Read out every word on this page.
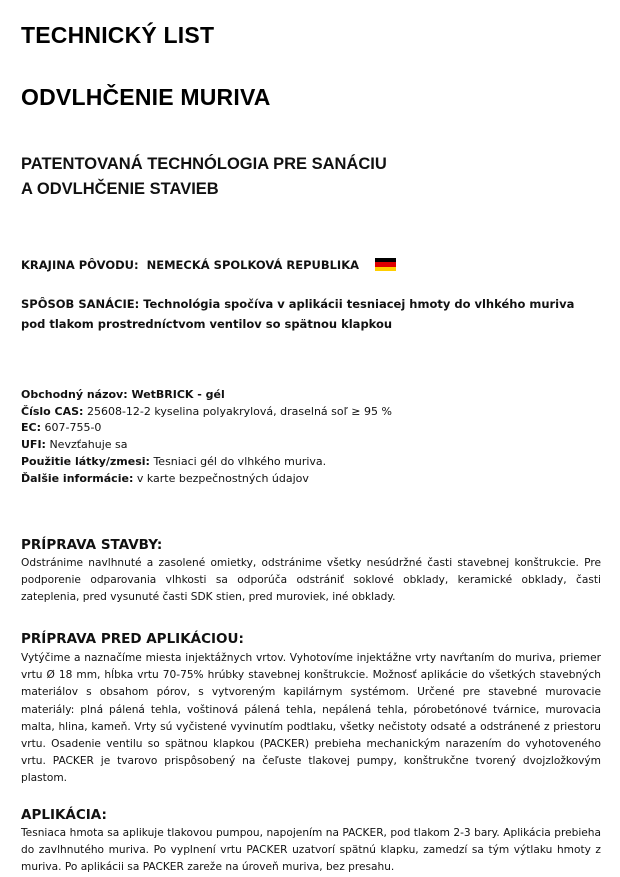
TECHNICKÝ LIST
ODVLHČENIE MURIVA
PATENTOVANÁ TECHNÓLOGIA PRE SANÁCIU
A ODVLHČENIE STAVIEB
KRAJINA PÔVODU: NEMECKÁ SPOLKOVÁ REPUBLIKA
SPÔSOB SANÁCIE: Technológia spočíva v aplikácii tesniacej hmoty do vlhkého muriva pod tlakom prostredníctvom ventilov so spätnou klapkou
Obchodný názov: WetBRICK - gél
Číslo CAS: 25608-12-2 kyselina polyakrylová, draselná soľ ≥ 95 %
EC: 607-755-0
UFI: Nevzťahuje sa
Použitie látky/zmesi: Tesniaci gél do vlhkého muriva.
Ďalšie informácie: v karte bezpečnostných údajov
PRÍPRAVA STAVBY:
Odstránime navlhnuté a zasolené omietky, odstránime všetky nesúdržné časti stavebnej konštrukcie. Pre podporenie odparovania vlhkosti sa odporúča odstrániť soklové obklady, keramické obklady, časti zateplenia, pred vysunuté časti SDK stien, pred muroviek, iné obklady.
PRÍPRAVA PRED APLIKÁCIOU:
Vytýčime a naznačíme miesta injektážnych vrtov. Vyhotovíme injektážne vrty navŕtaním do muriva, priemer vrtu Ø 18 mm, hĺbka vrtu 70-75% hrúbky stavebnej konštrukcie. Možnosť aplikácie do všetkých stavebných materiálov s obsahom pórov, s vytvoreným kapilárnym systémom. Určené pre stavebné murovacie materiály: plná pálená tehla, voštinová pálená tehla, nepálená tehla, pórobetónové tvárnice, murovacia malta, hlina, kameň. Vrty sú vyčistené vyvinutím podtlaku, všetky nečistoty odsaté a odstránené z priestoru vrtu. Osadenie ventilu so spätnou klapkou (PACKER) prebieha mechanickým narazením do vyhotoveného vrtu. PACKER je tvarovo prispôsobený na čeľuste tlakovej pumpy, konštrukčne tvorený dvojzložkovým plastom.
APLIKÁCIA:
Tesniaca hmota sa aplikuje tlakovou pumpou, napojením na PACKER, pod tlakom 2-3 bary. Aplikácia prebieha do zavlhnutého muriva. Po vyplnení vrtu PACKER uzatvorí spätnú klapku, zamedzí sa tým výtlaku hmoty z muriva. Po aplikácii sa PACKER zareže na úroveň muriva, bez presahu.
